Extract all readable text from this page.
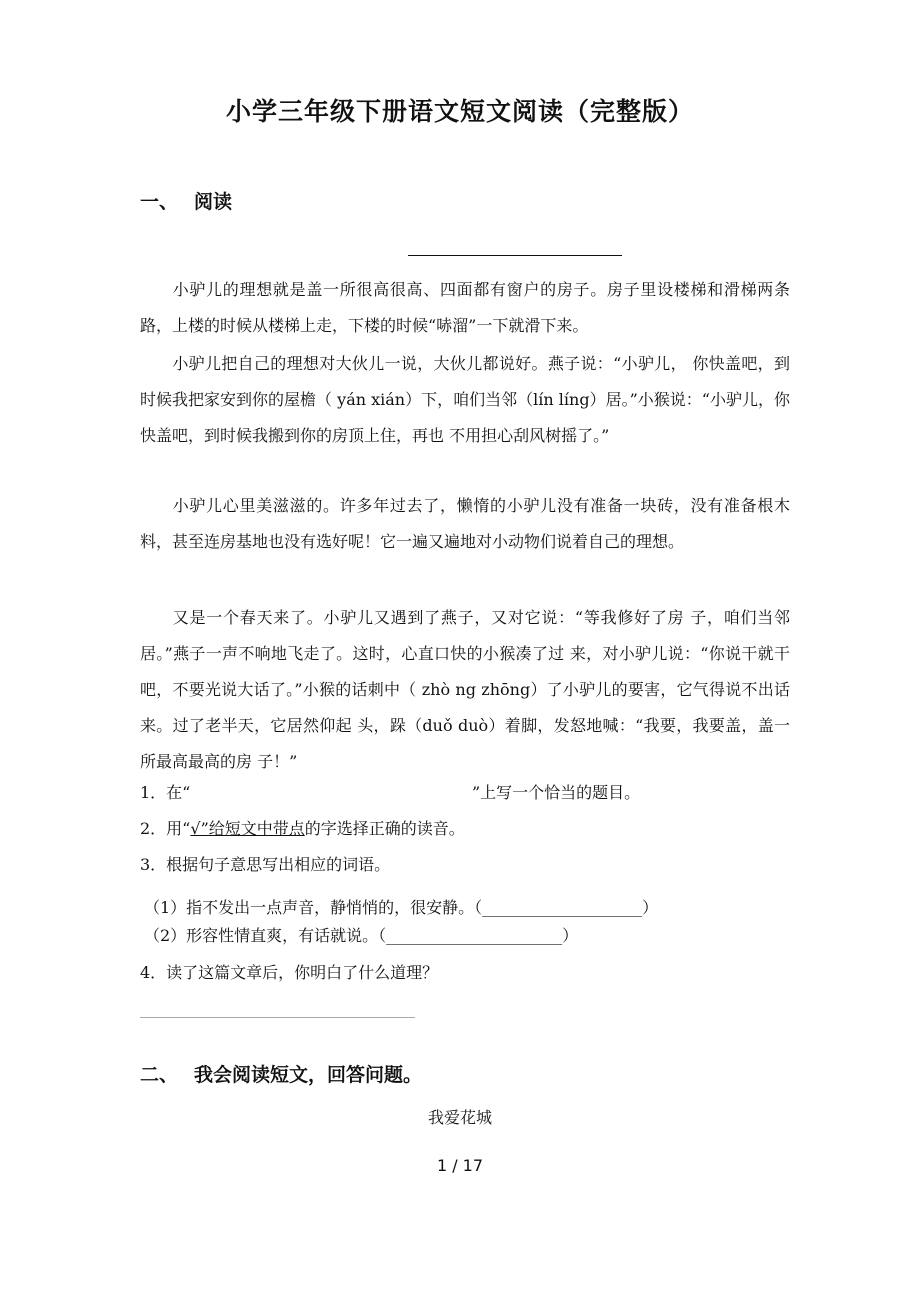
小学三年级下册语文短文阅读（完整版）
一、 阅读
小驴儿的理想就是盖一所很高很高、四面都有窗户的房子。房子里设楼梯和滑梯两条路，上楼的时候从楼梯上走，下楼的时候“哧溜”一下就滑下来。
小驴儿把自己的理想对大伙儿一说，大伙儿都说好。燕子说：“小驴儿， 你快盖吧，到时候我把家安到你的屋檐（ yán xián）下，咱们当邻（lín líng）居。”小猴说：“小驴儿，你快盖吧，到时候我搬到你的房顶上住，再也 不用担心刮风树摇了。”
小驴儿心里美滋滋的。许多年过去了，懒惰的小驴儿没有准备一块砖，没有准备根木料，甚至连房基地也没有选好呢！它一遍又遍地对小动物们说着自己的理想。
又是一个春天来了。小驴儿又遇到了燕子，又对它说：“等我修好了房 子，咱们当邻居。”燕子一声不响地飞走了。这时，心直口快的小猴凑了过 来，对小驴儿说：“你说干就干吧，不要光说大话了。”小猴的话刺中（ zhò ng zhōng）了小驴儿的要害，它气得说不出话来。过了老半天，它居然仰起 头，跺（duǒ duò）着脚，发怒地喊：“我要，我要盖，盖一所最高最高的房 子！”
1．在“	”上写一个恰当的题目。
2．用“√”给短文中带点的字选择正确的读音。
3．根据句子意思写出相应的词语。
（1）指不发出一点声音，静悄悄的，很安静。（____________________）
（2）形容性情直爽，有话就说。（______________________）
4．读了这篇文章后，你明白了什么道理？
二、 我会阅读短文，回答问题。
我爱花城
1 / 17
